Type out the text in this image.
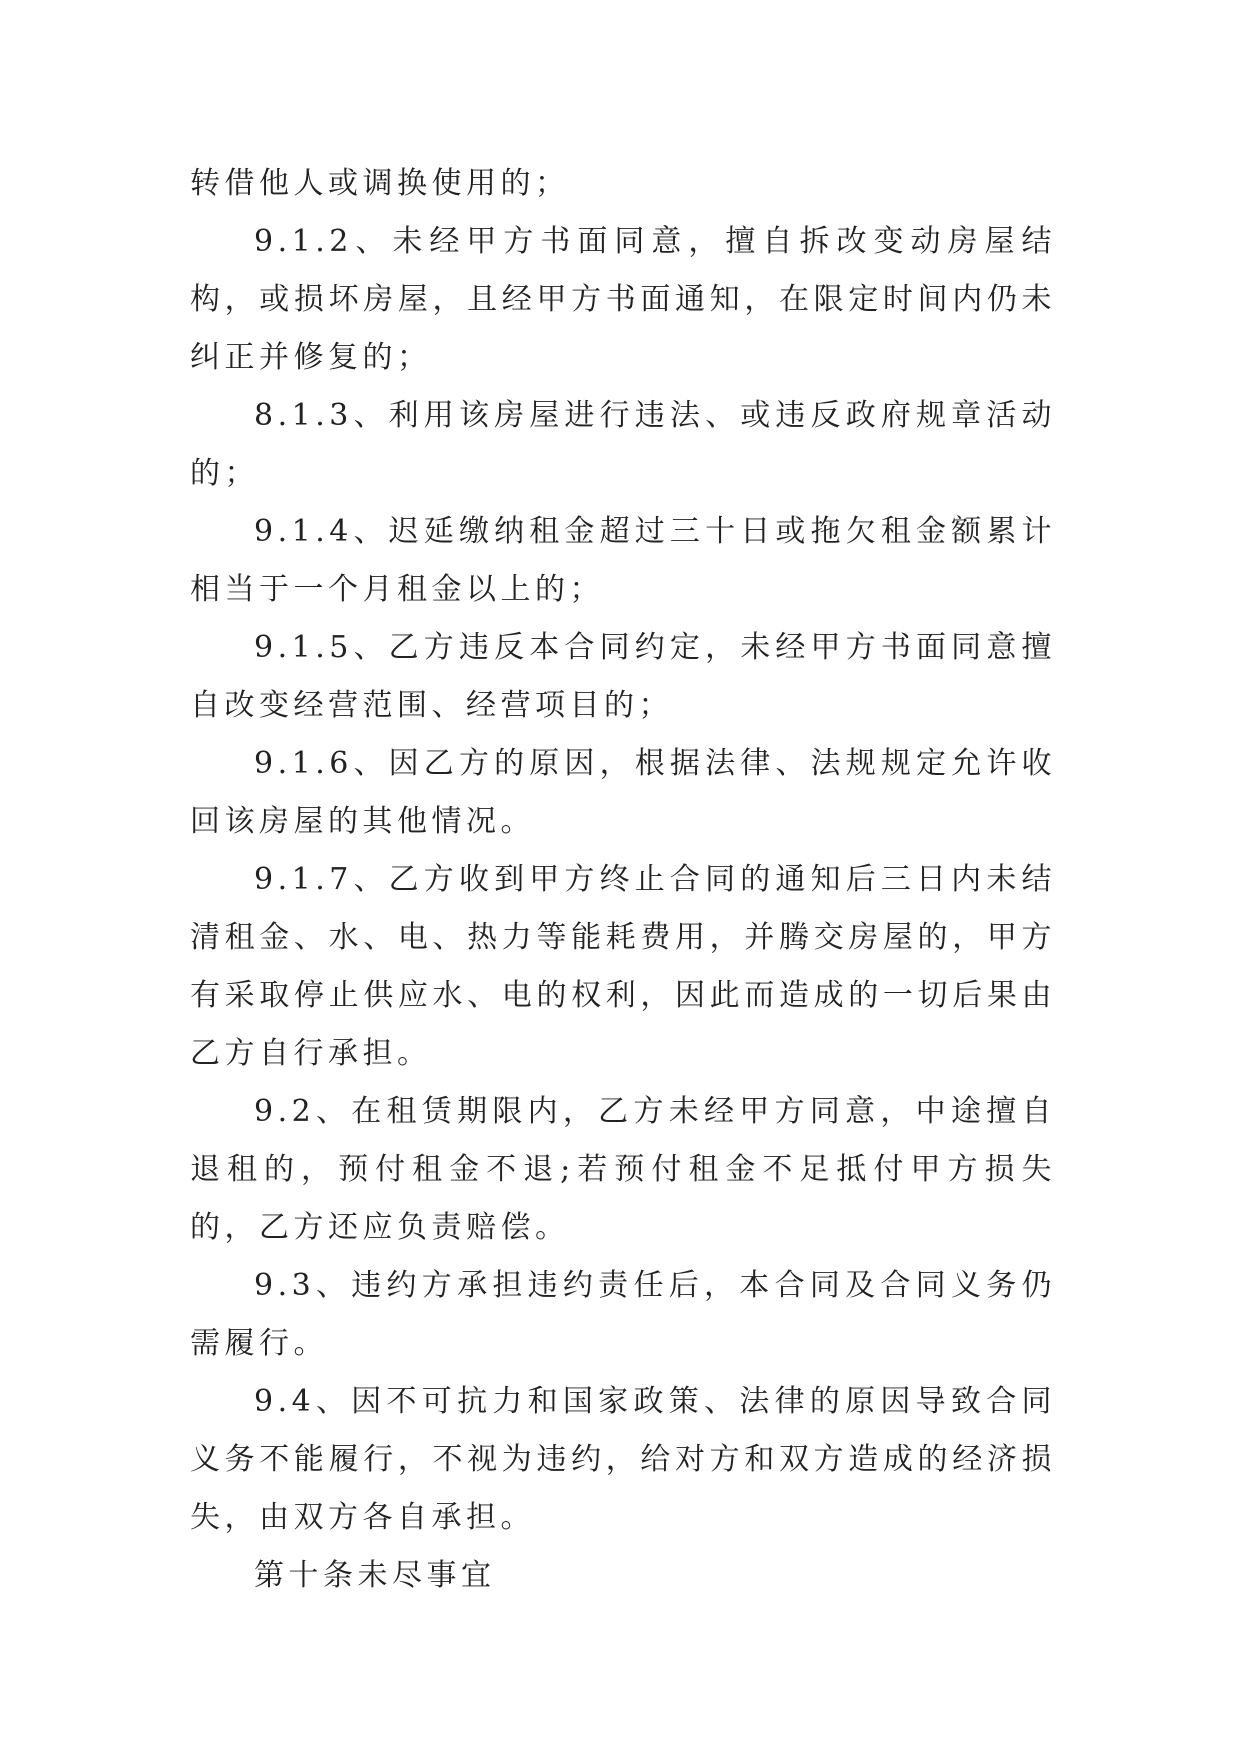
转借他人或调换使用的；

9.1.2、未经甲方书面同意，擅自拆改变动房屋结构，或损坏房屋，且经甲方书面通知，在限定时间内仍未纠正并修复的；

8.1.3、利用该房屋进行违法、或违反政府规章活动的；

9.1.4、迟延缴纳租金超过三十日或拖欠租金额累计相当于一个月租金以上的；

9.1.5、乙方违反本合同约定，未经甲方书面同意擅自改变经营范围、经营项目的；

9.1.6、因乙方的原因，根据法律、法规规定允许收回该房屋的其他情况。

9.1.7、乙方收到甲方终止合同的通知后三日内未结清租金、水、电、热力等能耗费用，并腾交房屋的，甲方有采取停止供应水、电的权利，因此而造成的一切后果由乙方自行承担。

9.2、在租赁期限内，乙方未经甲方同意，中途擅自退租的，预付租金不退;若预付租金不足抵付甲方损失的，乙方还应负责赔偿。

9.3、违约方承担违约责任后，本合同及合同义务仍需履行。

9.4、因不可抗力和国家政策、法律的原因导致合同义务不能履行，不视为违约，给对方和双方造成的经济损失，由双方各自承担。

第十条未尽事宜
